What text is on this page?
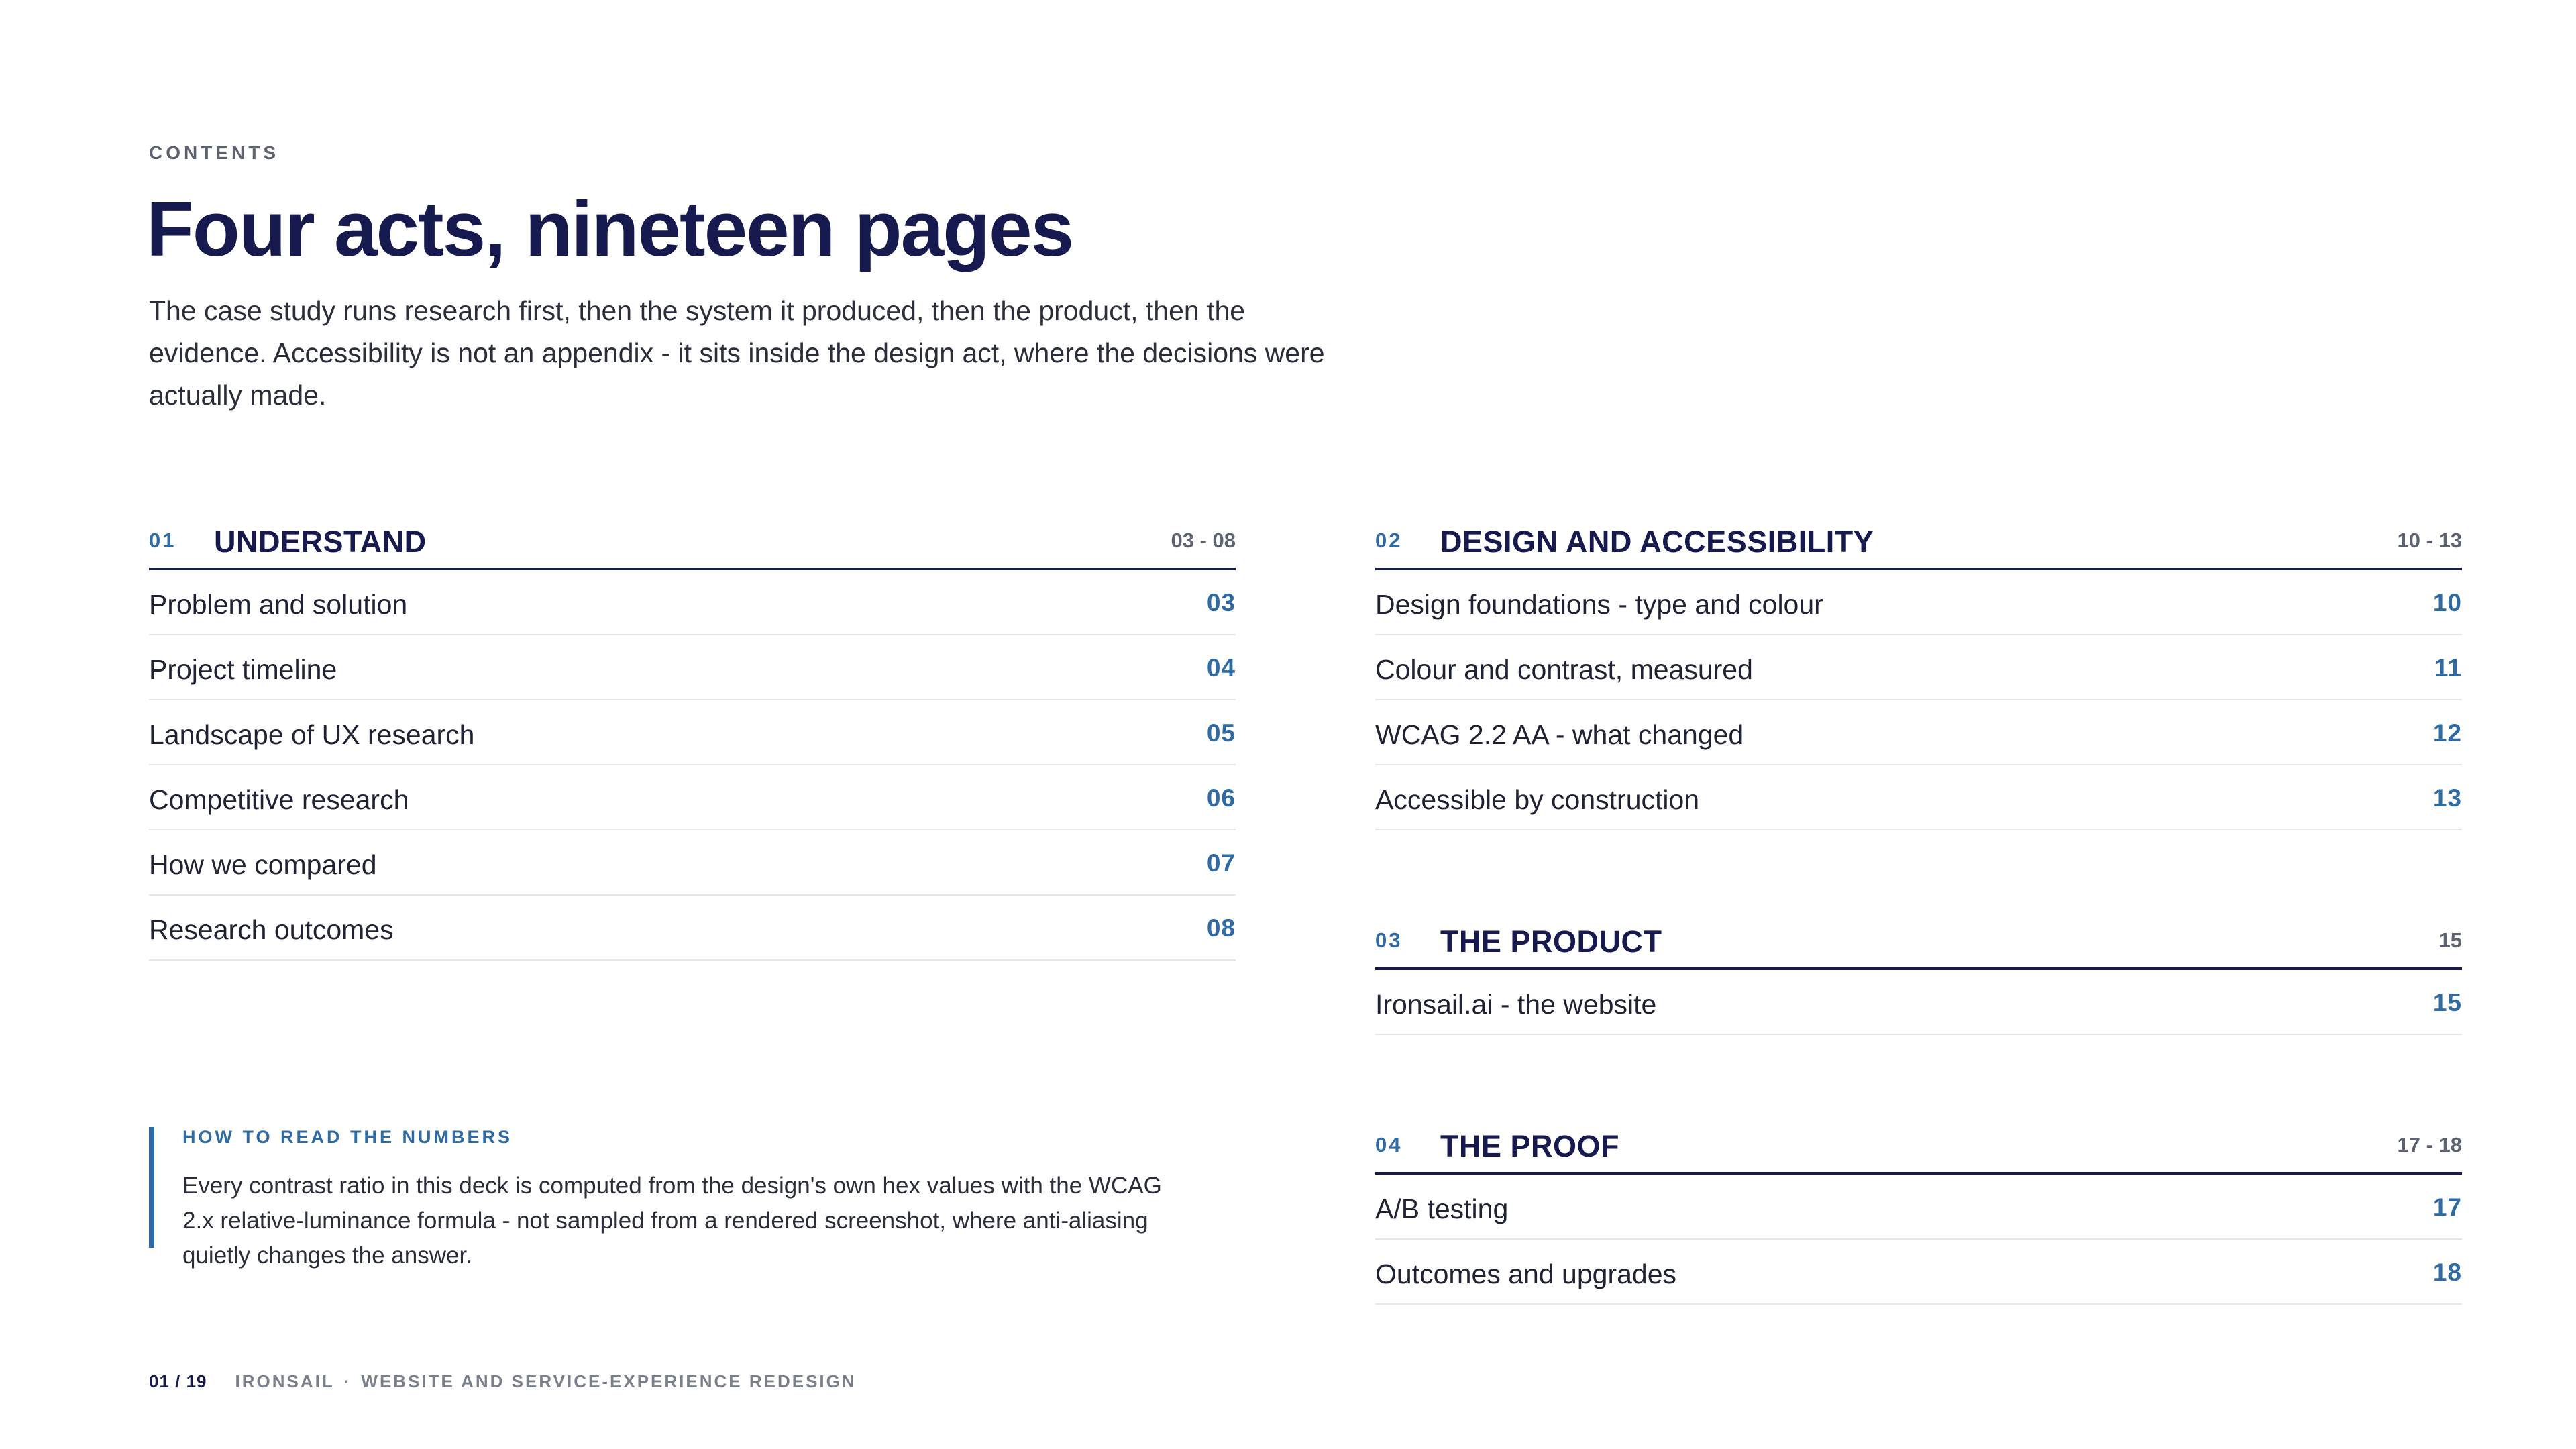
CONTENTS
Four acts, nineteen pages
The case study runs research first, then the system it produced, then the product, then the evidence. Accessibility is not an appendix - it sits inside the design act, where the decisions were actually made.
01 UNDERSTAND	03 - 08
Problem and solution	03
Project timeline	04
Landscape of UX research	05
Competitive research	06
How we compared	07
Research outcomes	08
02 DESIGN AND ACCESSIBILITY	10 - 13
Design foundations - type and colour	10
Colour and contrast, measured	11
WCAG 2.2 AA - what changed	12
Accessible by construction	13
03 THE PRODUCT	15
Ironsail.ai - the website	15
04 THE PROOF	17 - 18
A/B testing	17
Outcomes and upgrades	18
HOW TO READ THE NUMBERS
Every contrast ratio in this deck is computed from the design's own hex values with the WCAG 2.x relative-luminance formula - not sampled from a rendered screenshot, where anti-aliasing quietly changes the answer.
01 / 19 IRONSAIL · WEBSITE AND SERVICE-EXPERIENCE REDESIGN
